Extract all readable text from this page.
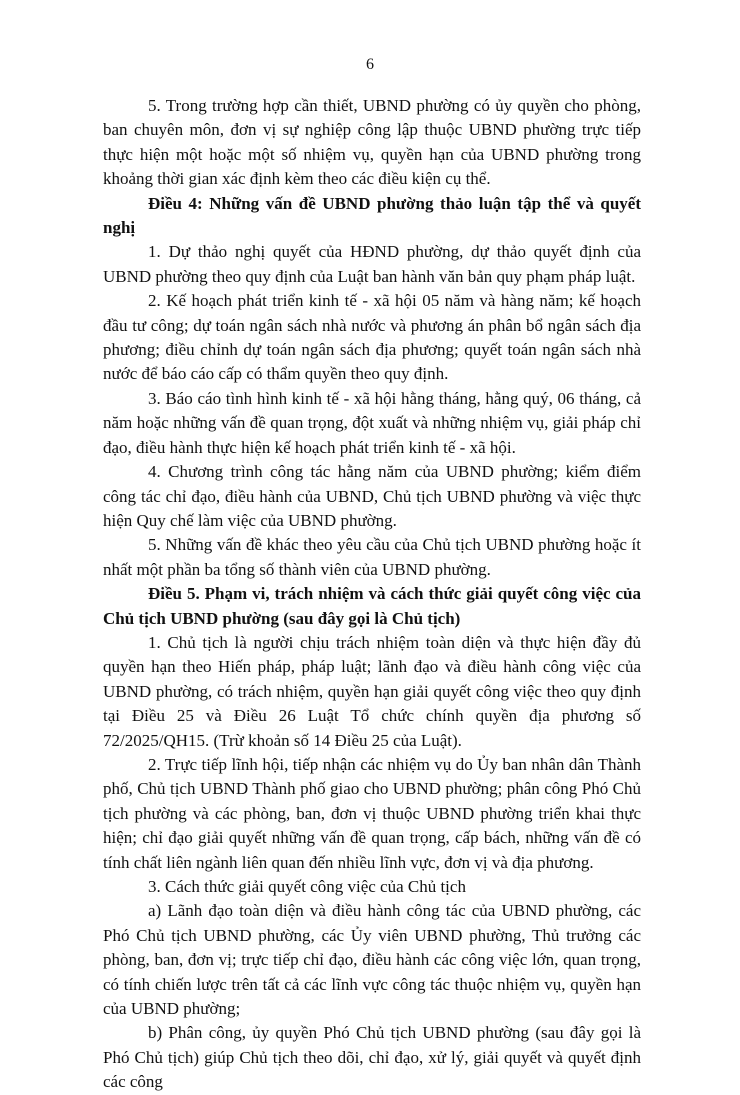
6

5. Trong trường hợp cần thiết, UBND phường có ủy quyền cho phòng, ban chuyên môn, đơn vị sự nghiệp công lập thuộc UBND phường trực tiếp thực hiện một hoặc một số nhiệm vụ, quyền hạn của UBND phường trong khoảng thời gian xác định kèm theo các điều kiện cụ thể.

Điều 4: Những vấn đề UBND phường thảo luận tập thể và quyết nghị

1. Dự thảo nghị quyết của HĐND phường, dự thảo quyết định của UBND phường theo quy định của Luật ban hành văn bản quy phạm pháp luật.

2. Kế hoạch phát triển kinh tế - xã hội 05 năm và hàng năm; kế hoạch đầu tư công; dự toán ngân sách nhà nước và phương án phân bổ ngân sách địa phương; điều chỉnh dự toán ngân sách địa phương; quyết toán ngân sách nhà nước để báo cáo cấp có thẩm quyền theo quy định.

3. Báo cáo tình hình kinh tế - xã hội hằng tháng, hằng quý, 06 tháng, cả năm hoặc những vấn đề quan trọng, đột xuất và những nhiệm vụ, giải pháp chỉ đạo, điều hành thực hiện kế hoạch phát triển kinh tế - xã hội.

4. Chương trình công tác hằng năm của UBND phường; kiểm điểm công tác chỉ đạo, điều hành của UBND, Chủ tịch UBND phường và việc thực hiện Quy chế làm việc của UBND phường.

5. Những vấn đề khác theo yêu cầu của Chủ tịch UBND phường hoặc ít nhất một phần ba tổng số thành viên của UBND phường.

Điều 5. Phạm vi, trách nhiệm và cách thức giải quyết công việc của Chủ tịch UBND phường (sau đây gọi là Chủ tịch)

1. Chủ tịch là người chịu trách nhiệm toàn diện và thực hiện đầy đủ quyền hạn theo Hiến pháp, pháp luật; lãnh đạo và điều hành công việc của UBND phường, có trách nhiệm, quyền hạn giải quyết công việc theo quy định tại Điều 25 và Điều 26 Luật Tổ chức chính quyền địa phương số 72/2025/QH15. (Trừ khoản số 14 Điều 25 của Luật).

2. Trực tiếp lĩnh hội, tiếp nhận các nhiệm vụ do Ủy ban nhân dân Thành phố, Chủ tịch UBND Thành phố giao cho UBND phường; phân công Phó Chủ tịch phường và các phòng, ban, đơn vị thuộc UBND phường triển khai thực hiện; chỉ đạo giải quyết những vấn đề quan trọng, cấp bách, những vấn đề có tính chất liên ngành liên quan đến nhiều lĩnh vực, đơn vị và địa phương.

3. Cách thức giải quyết công việc của Chủ tịch

a) Lãnh đạo toàn diện và điều hành công tác của UBND phường, các Phó Chủ tịch UBND phường, các Ủy viên UBND phường, Thủ trưởng các phòng, ban, đơn vị; trực tiếp chỉ đạo, điều hành các công việc lớn, quan trọng, có tính chiến lược trên tất cả các lĩnh vực công tác thuộc nhiệm vụ, quyền hạn của UBND phường;

b) Phân công, ủy quyền Phó Chủ tịch UBND phường (sau đây gọi là Phó Chủ tịch) giúp Chủ tịch theo dõi, chỉ đạo, xử lý, giải quyết và quyết định các công
